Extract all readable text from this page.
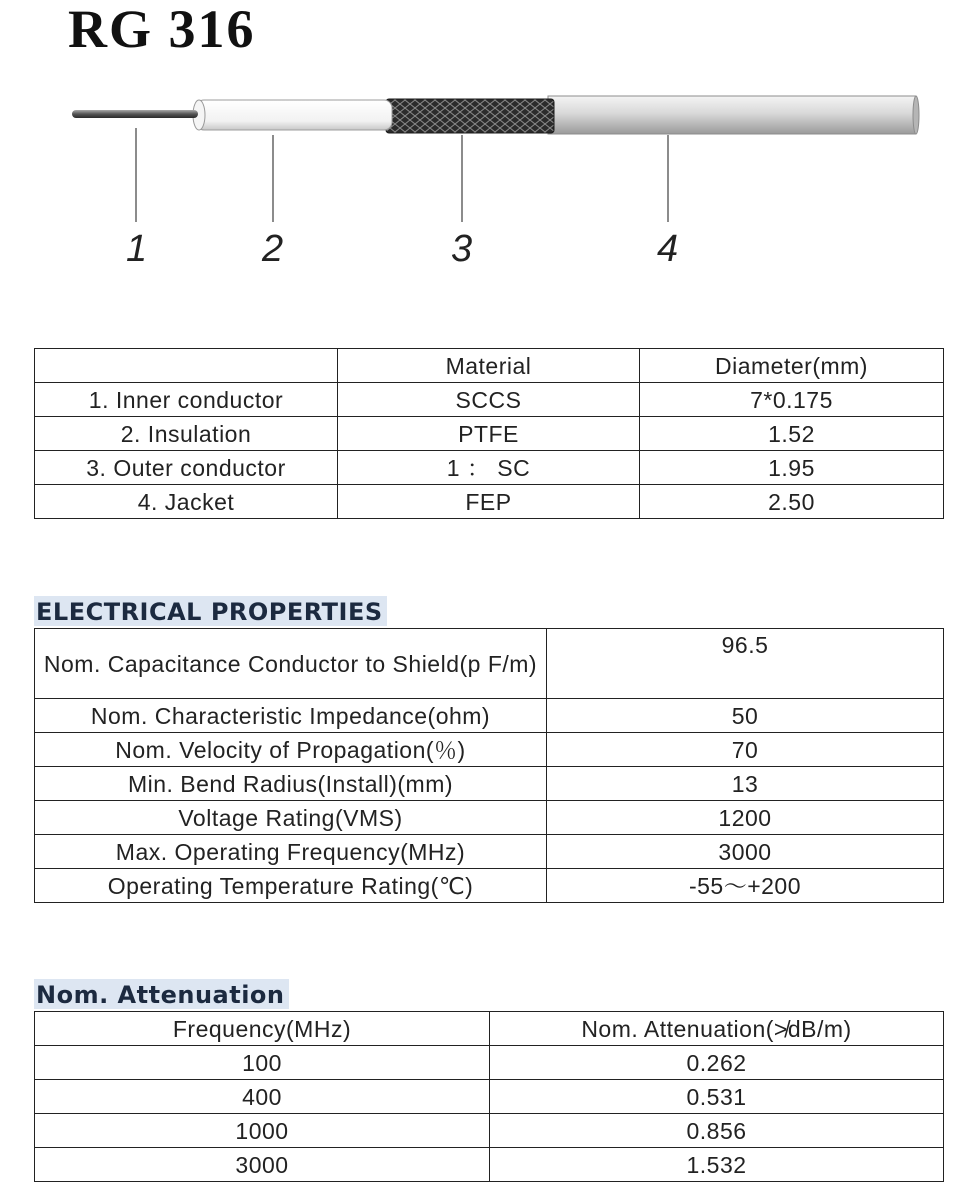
RG 316
1	2	3	4
	Material	Diameter(mm)
1. Inner conductor	SCCS	7*0.175
2. Insulation	PTFE	1.52
3. Outer conductor	1 ： SC	1.95
4. Jacket	FEP	2.50
ELECTRICAL PROPERTIES
Nom. Capacitance Conductor to Shield(p F/m)	96.5
Nom. Characteristic Impedance(ohm)	50
Nom. Velocity of Propagation(％)	70
Min. Bend Radius(Install)(mm)	13
Voltage Rating(VMS)	1200
Max. Operating Frequency(MHz)	3000
Operating Temperature Rating(℃)	-55～+200
Nom. Attenuation
Frequency(MHz)	Nom. Attenuation(≯dB/m)
100	0.262
400	0.531
1000	0.856
3000	1.532
